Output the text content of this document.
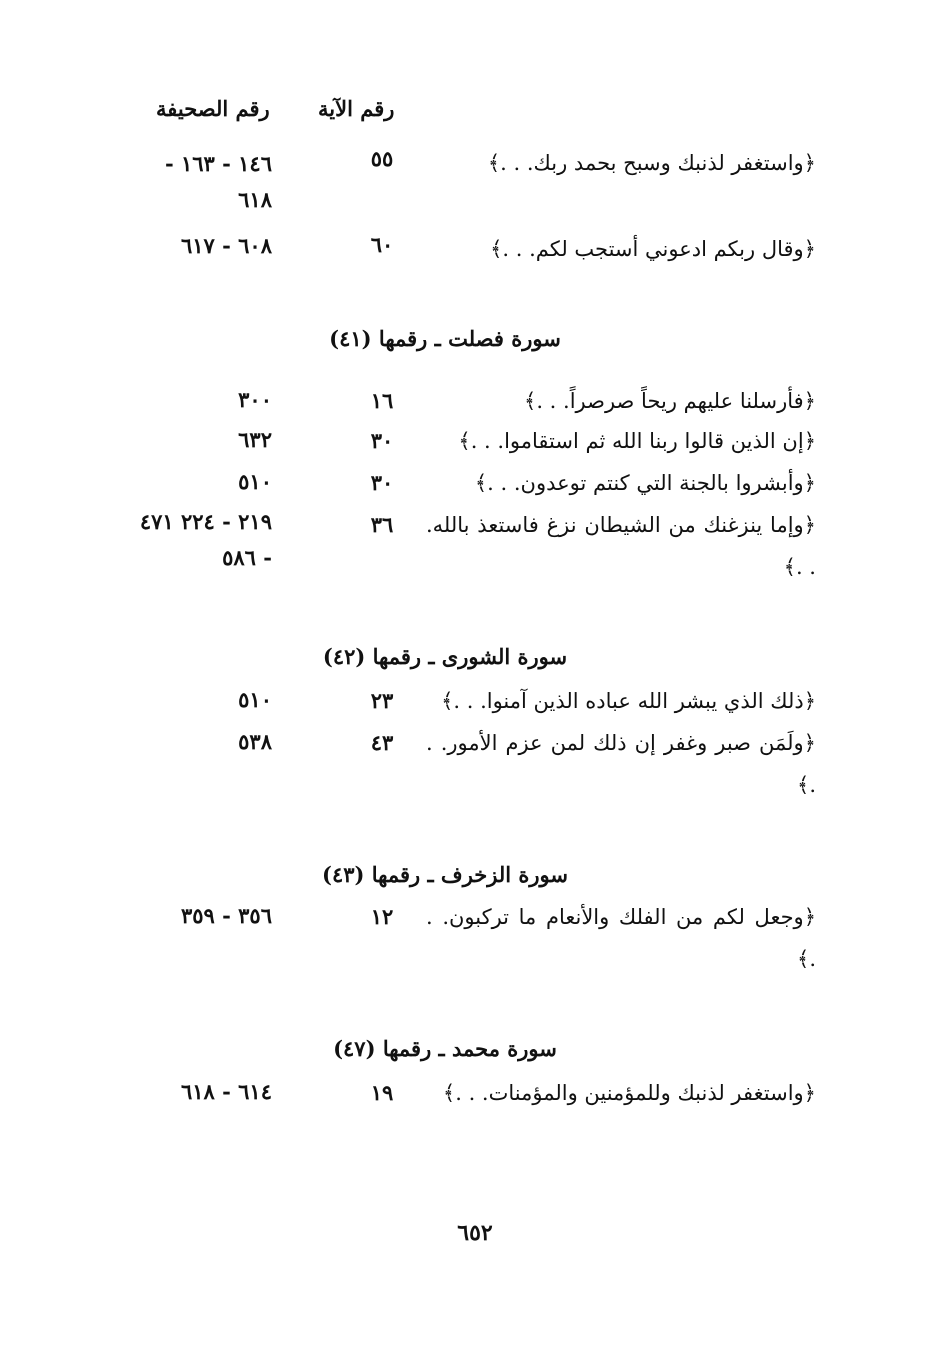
رقم الآية
رقم الصحيفة
﴿واستغفر لذنبك وسبح بحمد ربك. . .﴾
٥٥
١٤٦ - ١٦٣ - ٦١٨
﴿وقال ربكم ادعوني أستجب لكم. . .﴾
٦٠
٦٠٨ - ٦١٧
سورة فصلت ـ رقمها (٤١)
﴿فأرسلنا عليهم ريحاً صرصراً. . .﴾
١٦
٣٠٠
﴿إن الذين قالوا ربنا الله ثم استقاموا. . .﴾
٣٠
٦٣٢
﴿وأبشروا بالجنة التي كنتم توعدون. . .﴾
٣٠
٥١٠
﴿وإما ينزغنك من الشيطان نزغ فاستعذ بالله. . .﴾
٣٦
٢١٩ - ٢٢٤ ٤٧١ - ٥٨٦
سورة الشورى ـ رقمها (٤٢)
﴿ذلك الذي يبشر الله عباده الذين آمنوا. . .﴾
٢٣
٥١٠
﴿ولَمَن صبر وغفر إن ذلك لمن عزم الأمور. . .﴾
٤٣
٥٣٨
سورة الزخرف ـ رقمها (٤٣)
﴿وجعل لكم من الفلك والأنعام ما تركبون. . .﴾
١٢
٣٥٦ - ٣٥٩
سورة محمد ـ رقمها (٤٧)
﴿واستغفر لذنبك وللمؤمنين والمؤمنات. . .﴾
١٩
٦١٤ - ٦١٨
٦٥٢
